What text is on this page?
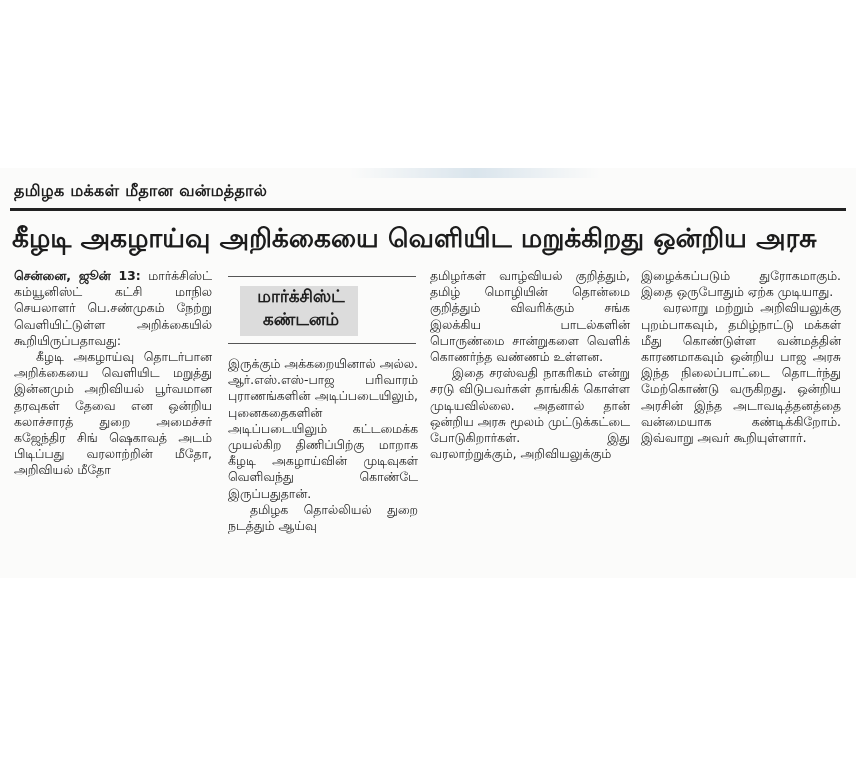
தமிழக மக்கள் மீதான வன்மத்தால்
கீழடி அகழாய்வு அறிக்கையை வெளியிட மறுக்கிறது ஒன்றிய அரசு

சென்னை, ஜூன் 13: மார்க்சிஸ்ட் கம்யூனிஸ்ட் கட்சி மாநில செயலாளர் பெ.சண்முகம் நேற்று வெளியிட்டுள்ள அறிக்கையில் கூறியிருப்பதாவது:

கீழடி அகழாய்வு தொடர்பான அறிக்கையை வெளியிட மறுத்து இன்னமும் அறிவியல் பூர்வமான தரவுகள் தேவை என ஒன்றிய கலாச்சாரத் துறை அமைச்சர் கஜேந்திர சிங் ஷெகாவத் அடம் பிடிப்பது வரலாற்றின் மீதோ, அறிவியல் மீதோ

மார்க்சிஸ்ட் கண்டனம்

இருக்கும் அக்கறையினால் அல்ல. ஆர்.எஸ்.எஸ்-பாஜ பரிவாரம் புராணங்களின் அடிப்படையிலும், புனைகதைகளின் அடிப்படையிலும் கட்டமைக்க முயல்கிற திணிப்பிற்கு மாறாக கீழடி அகழாய்வின் முடிவுகள் வெளிவந்து கொண்டே இருப்பதுதான்.

தமிழக தொல்லியல் துறை நடத்தும் ஆய்வு

தமிழர்கள் வாழ்வியல் குறித்தும், தமிழ் மொழியின் தொன்மை குறித்தும் விவரிக்கும் சங்க இலக்கிய பாடல்களின் பொருண்மை சான்றுகளை வெளிக் கொணர்ந்த வண்ணம் உள்ளன.

இதை சரஸ்வதி நாகரிகம் என்று சரடு விடுபவர்கள் தாங்கிக் கொள்ள முடியவில்லை. அதனால் தான் ஒன்றிய அரசு மூலம் முட்டுக்கட்டை போடுகிறார்கள். இது வரலாற்றுக்கும், அறிவியலுக்கும்

இழைக்கப்படும் துரோகமாகும். இதை ஒருபோதும் ஏற்க முடியாது.

வரலாறு மற்றும் அறிவியலுக்கு புறம்பாகவும், தமிழ்நாட்டு மக்கள் மீது கொண்டுள்ள வன்மத்தின் காரணமாகவும் ஒன்றிய பாஜ அரசு இந்த நிலைப்பாட்டை தொடர்ந்து மேற்கொண்டு வருகிறது. ஒன்றிய அரசின் இந்த அடாவடித்தனத்தை வன்மையாக கண்டிக்கிறோம். இவ்வாறு அவர் கூறியுள்ளார்.
